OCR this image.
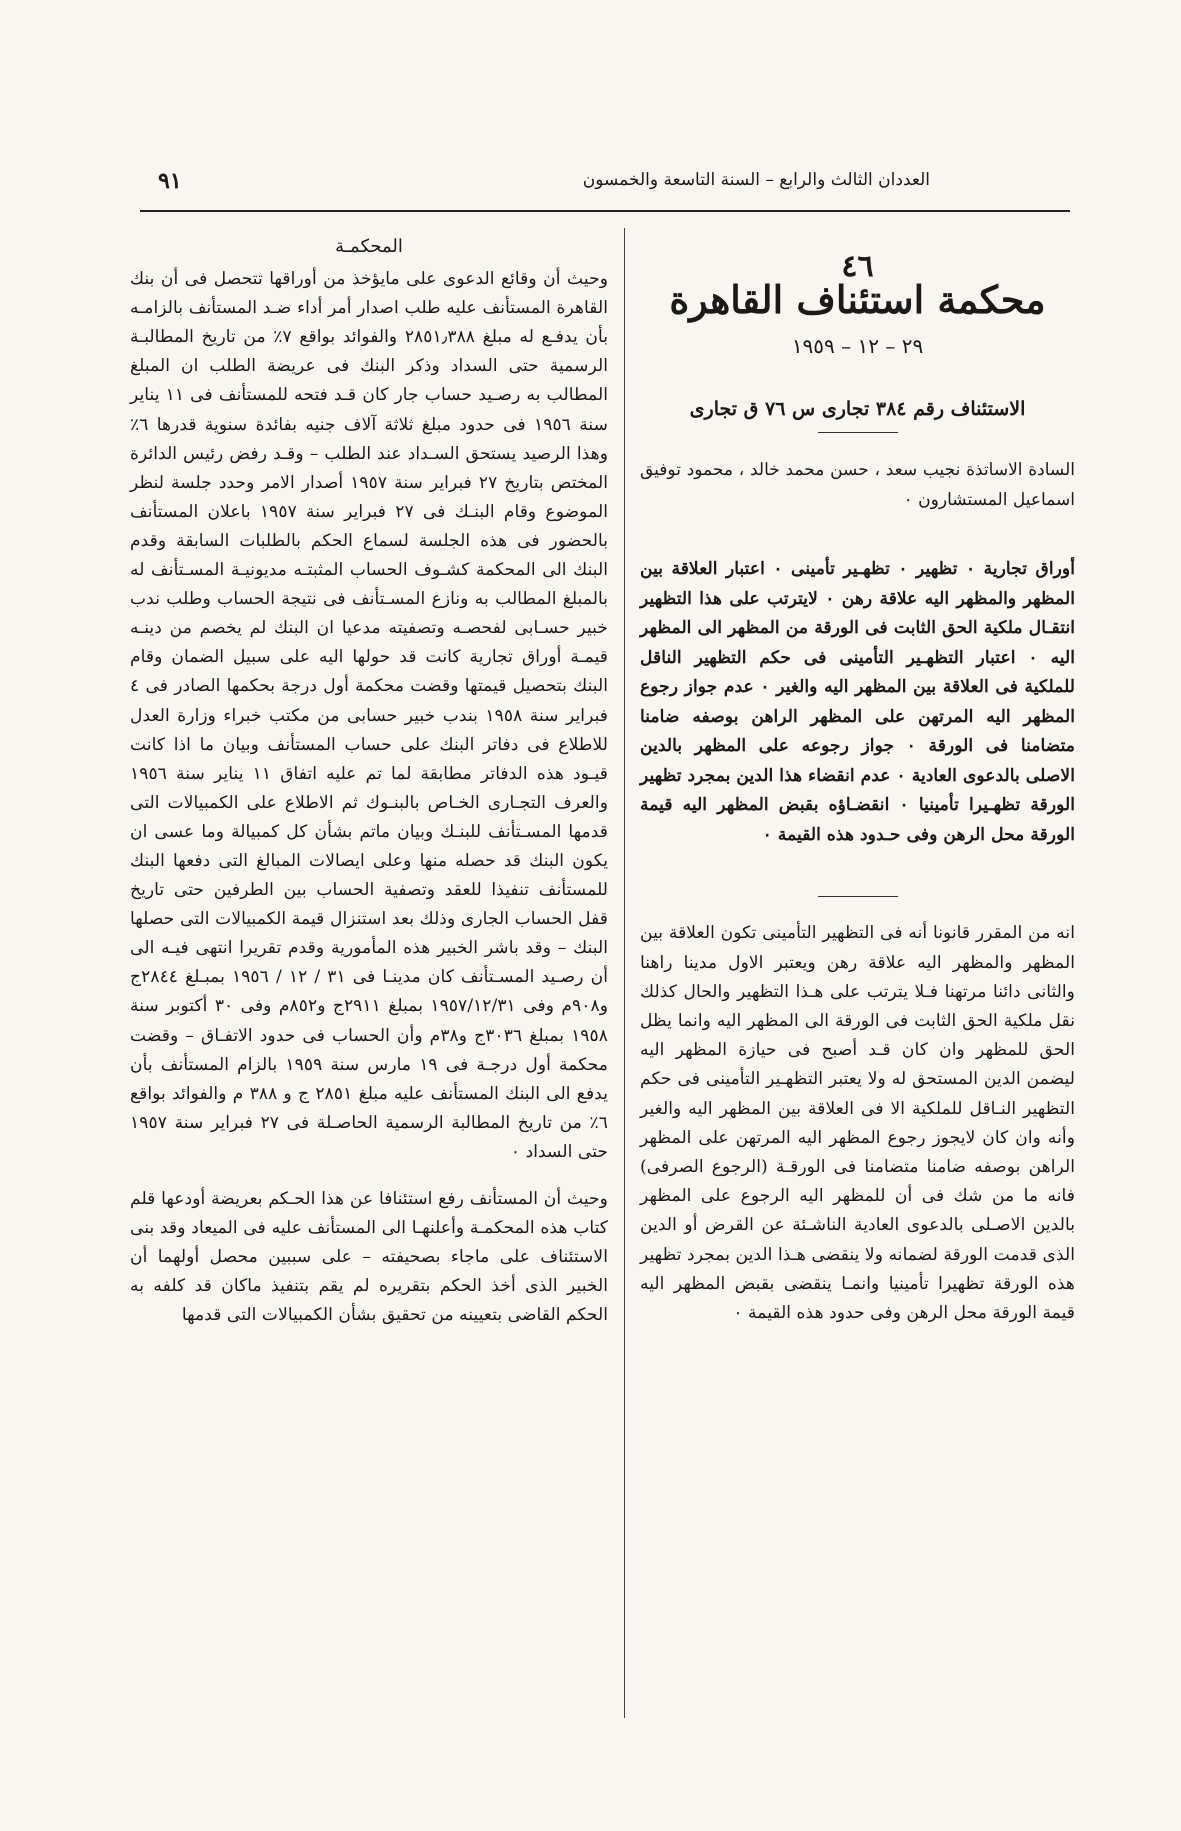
العددان الثالث والرابع – السنة التاسعة والخمسون
٩١
المحكمـة

وحيث أن وقائع الدعوى على مايؤخذ من أوراقها تتحصل فى أن بنك القاهرة المستأنف عليه طلب اصدار أمر أداء ضـد المستأنف بالزامـه بأن يدفـع له مبلغ ٢٨٥١٫٣٨٨ والفوائد بواقع ٧٪ من تاريخ المطالبـة الرسمية حتى السداد وذكر البنك فى عريضة الطلب ان المبلغ المطالب به رصـيد حساب جار كان قـد فتحه للمستأنف فى ١١ يناير سنة ١٩٥٦ فى حدود مبلغ ثلاثة آلاف جنيه بفائدة سنوية قدرها ٦٪ وهذا الرصيد يستحق السـداد عند الطلب – وقـد رفض رئيس الدائرة المختص بتاريخ ٢٧ فبراير سنة ١٩٥٧ أصدار الامر وحدد جلسة لنظر الموضوع وقام البنـك فى ٢٧ فبراير سنة ١٩٥٧ باعلان المستأنف بالحضور فى هذه الجلسة لسماع الحكم بالطلبات السابقة وقدم البنك الى المحكمة كشـوف الحساب المثبتـه مديونيـة المسـتأنف له بالمبلغ المطالب به ونازع المسـتأنف فى نتيجة الحساب وطلب ندب خبير حسـابى لفحصـه وتصفيته مدعيا ان البنك لم يخصم من دينـه قيمـة أوراق تجارية كانت قد حولها اليه على سبيل الضمان وقام البنك بتحصيل قيمتها وقضت محكمة أول درجة بحكمها الصادر فى ٤ فبراير سنة ١٩٥٨ بندب خبير حسابى من مكتب خبراء وزارة العدل للاطلاع فى دفاتر البنك على حساب المستأنف وبيان ما اذا كانت قيـود هذه الدفاتر مطابقة لما تم عليه اتفاق ١١ يناير سنة ١٩٥٦ والعرف التجـارى الخـاص بالبنـوك ثم الاطلاع على الكمبيالات التى قدمها المسـتأنف للبنـك وبيان ماتم بشأن كل كمبيالة وما عسى ان يكون البنك قد حصله منها وعلى ايصالات المبالغ التى دفعها البنك للمستأنف تنفيذا للعقد وتصفية الحساب بين الطرفين حتى تاريخ قفل الحساب الجارى وذلك بعد استنزال قيمة الكمبيالات التى حصلها البنك – وقد باشر الخبير هذه المأمورية وقدم تقريرا انتهى فيـه الى أن رصـيد المسـتأنف كان مدينـا فى ٣١ / ١٢ / ١٩٥٦ بمبـلغ ٢٨٤٤ج و٩٠٨م وفى ١٩٥٧/١٢/٣١ بمبلغ ٢٩١١ج و٨٥٢م وفى ٣٠ أكتوبر سنة ١٩٥٨ بمبلغ ٣٠٣٦ج و٣٨م وأن الحساب فى حدود الاتفـاق – وقضت محكمة أول درجـة فى ١٩ مارس سنة ١٩٥٩ بالزام المستأنف بأن يدفع الى البنك المستأنف عليه مبلغ ٢٨٥١ ج و ٣٨٨ م والفوائد بواقع ٦٪ من تاريخ المطالبة الرسمية الحاصـلة فى ٢٧ فبراير سنة ١٩٥٧ حتى السداد ٠

وحيث أن المستأنف رفع استئنافا عن هذا الحـكم بعريضة أودعها قلم كتاب هذه المحكمـة وأعلنهـا الى المستأنف عليه فى الميعاد وقد بنى الاستئناف على ماجاء بصحيفته – على سببين محصل أولهما أن الخبير الذى أخذ الحكم بتقريره لم يقم بتنفيذ ماكان قد كلفه به الحكم القاضى بتعيينه من تحقيق بشأن الكمبيالات التى قدمها

٤٦
محكمة استئناف القاهرة
٢٩ – ١٢ – ١٩٥٩
الاستئناف رقم ٣٨٤ تجارى س ٧٦ ق تجارى
السادة الاساتذة نجيب سعد ، حسن محمد خالد ، محمود توفيق اسماعيل المستشارون ٠
أوراق تجارية ٠ تظهير ٠ تظهـير تأمينى ٠ اعتبار العلاقة بين المظهر والمظهر اليه علاقة رهن ٠ لايترتب على هذا التظهير انتقـال ملكية الحق الثابت فى الورقة من المظهر الى المظهر اليه ٠ اعتبار التظهـير التأمينى فى حكم التظهير الناقل للملكية فى العلاقة بين المظهر اليه والغير ٠ عدم جواز رجوع المظهر اليه المرتهن على المظهر الراهن بوصفه ضامنا متضامنا فى الورقة ٠ جواز رجوعه على المظهر بالدين الاصلى بالدعوى العادية ٠ عدم انقضاء هذا الدين بمجرد تظهير الورقة تظهـيرا تأمينيا ٠ انقضـاؤه بقبض المظهر اليه قيمة الورقة محل الرهن وفى حـدود هذه القيمة ٠
انه من المقرر قانونا أنه فى التظهير التأمينى تكون العلاقة بين المظهر والمظهر اليه علاقة رهن ويعتبر الاول مدينا راهنا والثانى دائنا مرتهنا فـلا يترتب على هـذا التظهير والحال كذلك نقل ملكية الحق الثابت فى الورقة الى المظهر اليه وانما يظل الحق للمظهر وان كان قـد أصبح فى حيازة المظهر اليه ليضمن الدين المستحق له ولا يعتبر التظهـير التأمينى فى حكم التظهير النـاقل للملكية الا فى العلاقة بين المظهر اليه والغير وأنه وان كان لايجوز رجوع المظهر اليه المرتهن على المظهر الراهن بوصفه ضامنا متضامنا فى الورقـة (الرجوع الصرفى) فانه ما من شك فى أن للمظهر اليه الرجوع على المظهر بالدين الاصـلى بالدعوى العادية الناشـئة عن القرض أو الدين الذى قدمت الورقة لضمانه ولا ينقضى هـذا الدين بمجرد تظهير هذه الورقة تظهيرا تأمينيا وانمـا ينقضى بقبض المظهر اليه قيمة الورقة محل الرهن وفى حدود هذه القيمة ٠
